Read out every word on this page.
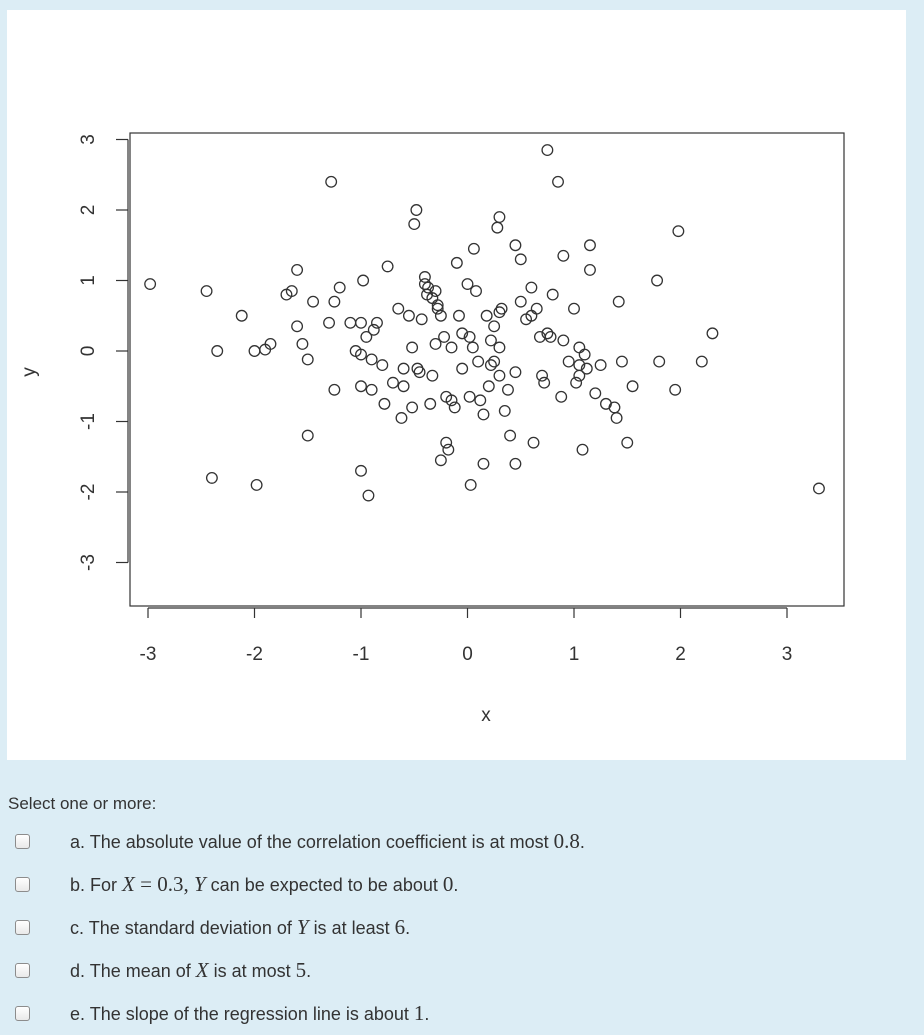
-3	-2	-1	0	1	2	3
-3
-2
-1
0
1
2
3
x
y
Select one or more:
a. The absolute value of the correlation coefficient is at most 0.8.
b. For X = 0.3, Y can be expected to be about 0.
c. The standard deviation of Y is at least 6.
d. The mean of X is at most 5.
e. The slope of the regression line is about 1.
